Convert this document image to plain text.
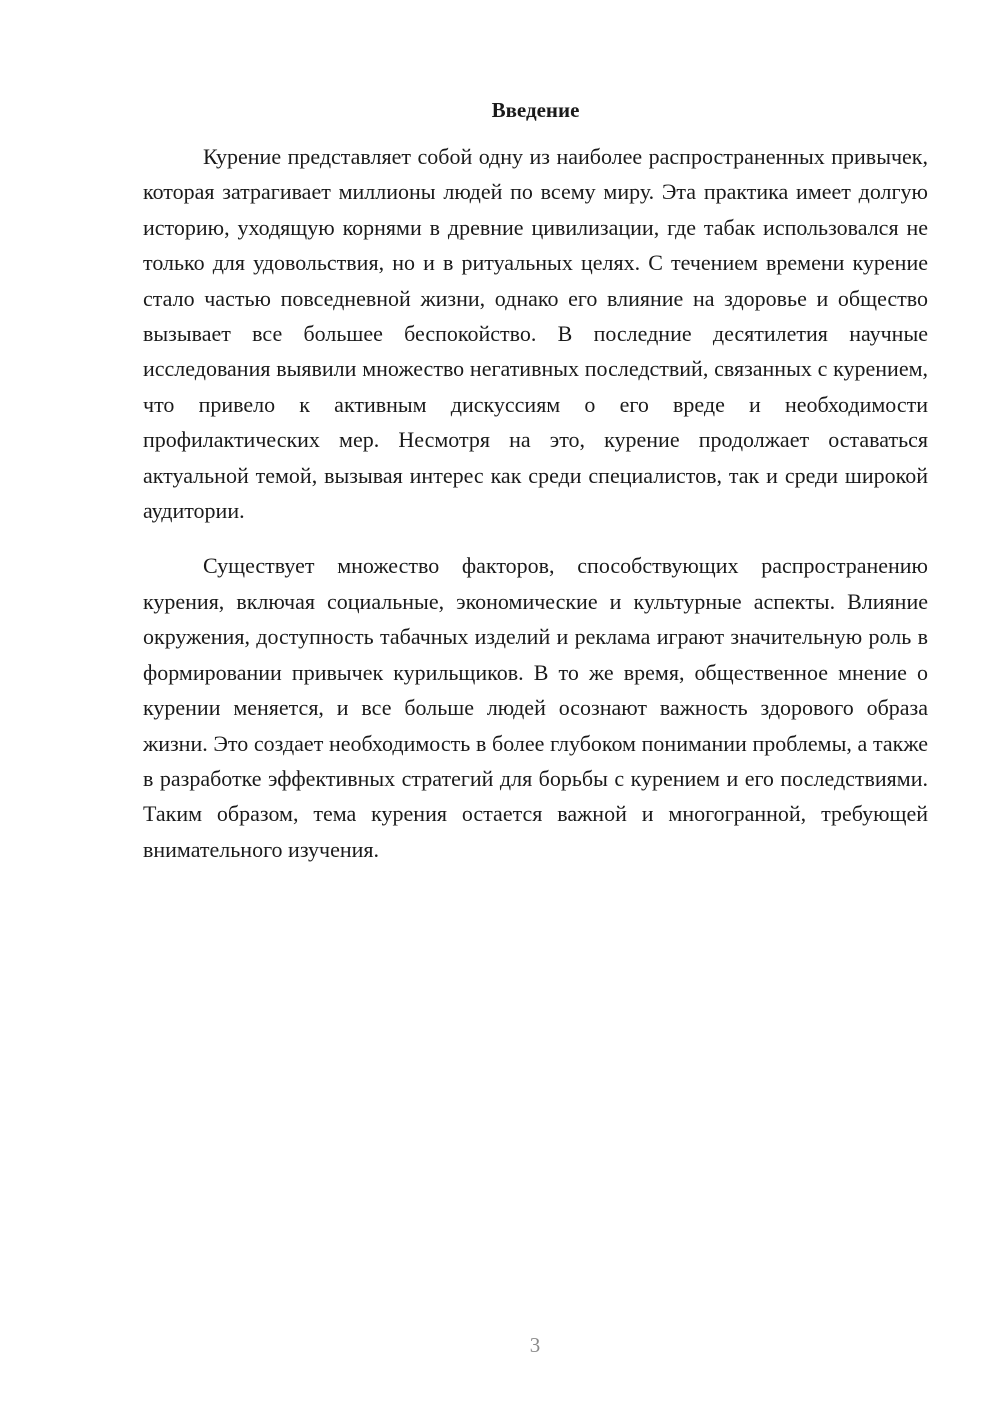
Введение

Курение представляет собой одну из наиболее распространенных привычек, которая затрагивает миллионы людей по всему миру. Эта практика имеет долгую историю, уходящую корнями в древние цивилизации, где табак использовался не только для удовольствия, но и в ритуальных целях. С течением времени курение стало частью повседневной жизни, однако его влияние на здоровье и общество вызывает все большее беспокойство. В последние десятилетия научные исследования выявили множество негативных последствий, связанных с курением, что привело к активным дискуссиям о его вреде и необходимости профилактических мер. Несмотря на это, курение продолжает оставаться актуальной темой, вызывая интерес как среди специалистов, так и среди широкой аудитории.

Существует множество факторов, способствующих распространению курения, включая социальные, экономические и культурные аспекты. Влияние окружения, доступность табачных изделий и реклама играют значительную роль в формировании привычек курильщиков. В то же время, общественное мнение о курении меняется, и все больше людей осознают важность здорового образа жизни. Это создает необходимость в более глубоком понимании проблемы, а также в разработке эффективных стратегий для борьбы с курением и его последствиями. Таким образом, тема курения остается важной и многогранной, требующей внимательного изучения.

3
